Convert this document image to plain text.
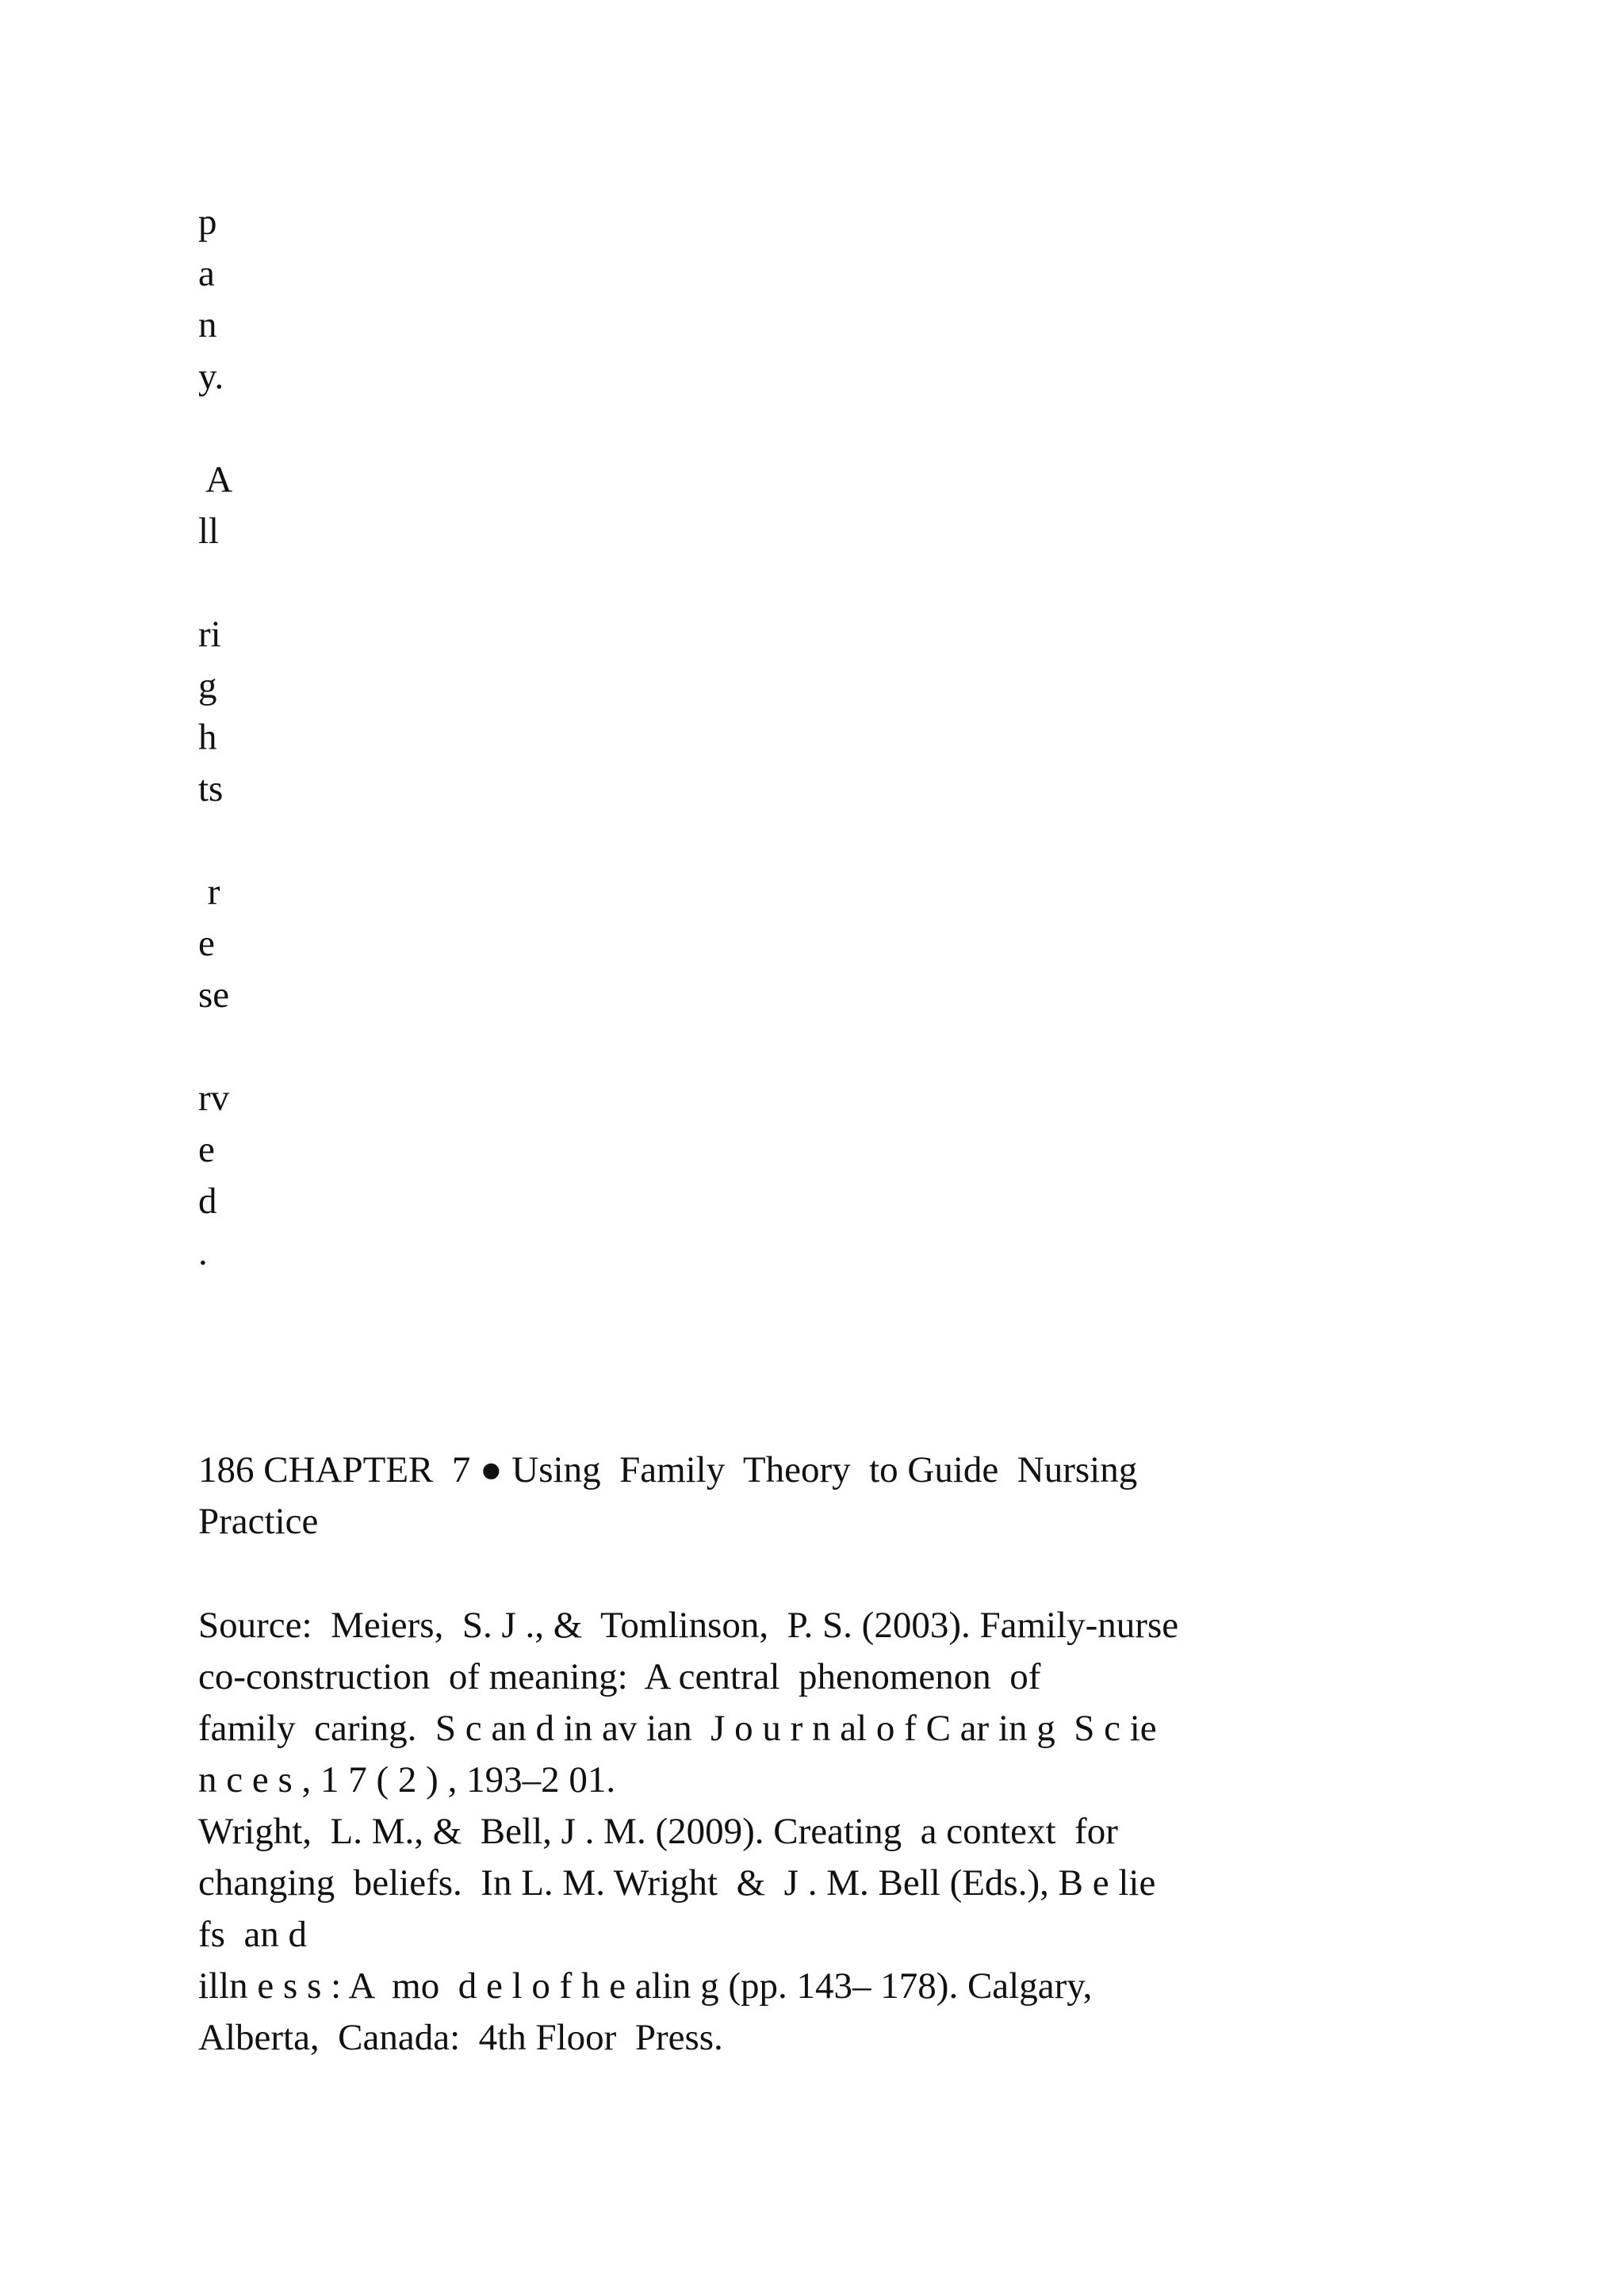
p
a
n
y.
A
ll
ri
g
h
ts
r
e
se
rv
e
d
.
186 CHAPTER  7 ● Using  Family  Theory  to Guide  Nursing
Practice
Source:  Meiers,  S. J ., &  Tomlinson,  P. S. (2003). Family-nurse
co-construction  of meaning:  A central  phenomenon  of
family  caring.  S c an d in av ian  J o u r n al o f C ar in g  S c ie
n c e s , 1 7 ( 2 ) , 193–2 01.
Wright,  L. M., &  Bell, J . M. (2009). Creating  a context  for
changing  beliefs.  In L. M. Wright  &  J . M. Bell (Eds.), B e lie
fs  an d
illn e s s : A  mo  d e l o f h e alin g (pp. 143– 178). Calgary,
Alberta,  Canada:  4th Floor  Press.
